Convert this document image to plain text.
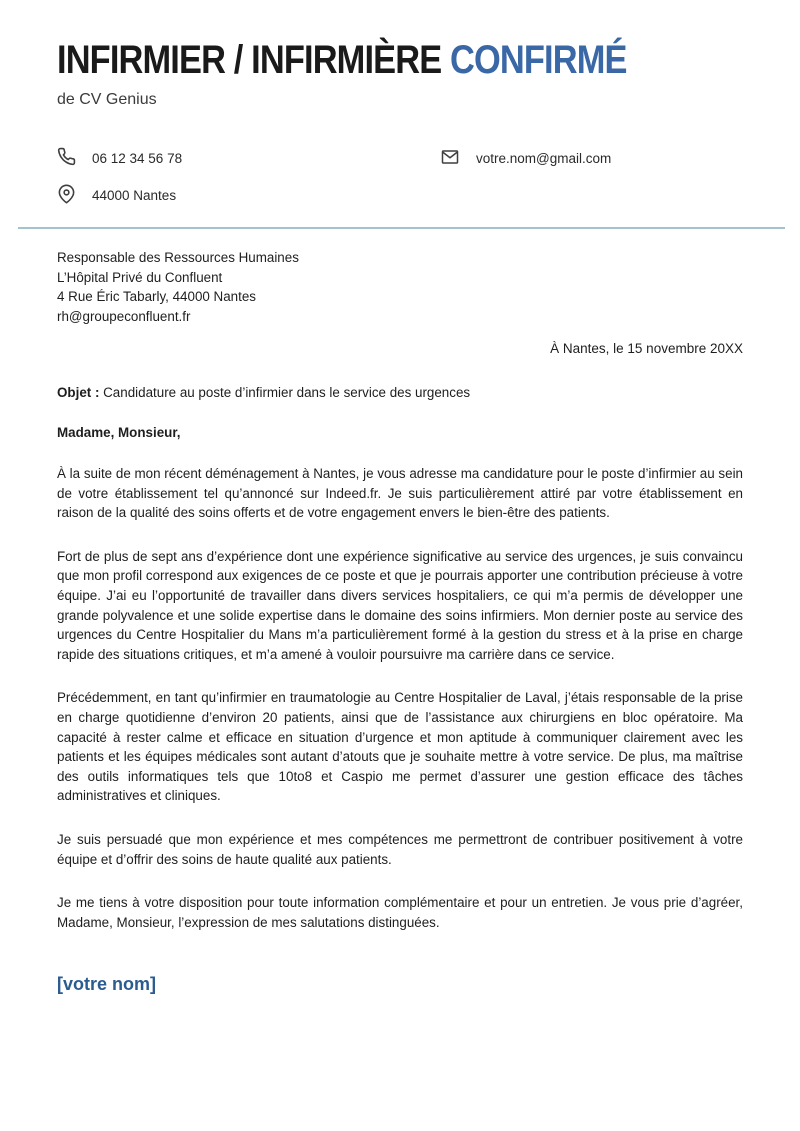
INFIRMIER / INFIRMIÈRE CONFIRMÉ
de CV Genius
06 12 34 56 78	votre.nom@gmail.com
44000 Nantes
Responsable des Ressources Humaines
L’Hôpital Privé du Confluent
4 Rue Éric Tabarly, 44000 Nantes
rh@groupeconfluent.fr
À Nantes, le 15 novembre 20XX
Objet : Candidature au poste d’infirmier dans le service des urgences
Madame, Monsieur,

À la suite de mon récent déménagement à Nantes, je vous adresse ma candidature pour le poste d’infirmier au sein de votre établissement tel qu’annoncé sur Indeed.fr. Je suis particulièrement attiré par votre établissement en raison de la qualité des soins offerts et de votre engagement envers le bien-être des patients.

Fort de plus de sept ans d’expérience dont une expérience significative au service des urgences, je suis convaincu que mon profil correspond aux exigences de ce poste et que je pourrais apporter une contribution précieuse à votre équipe. J’ai eu l’opportunité de travailler dans divers services hospitaliers, ce qui m’a permis de développer une grande polyvalence et une solide expertise dans le domaine des soins infirmiers. Mon dernier poste au service des urgences du Centre Hospitalier du Mans m’a particulièrement formé à la gestion du stress et à la prise en charge rapide des situations critiques, et m’a amené à vouloir poursuivre ma carrière dans ce service.

Précédemment, en tant qu’infirmier en traumatologie au Centre Hospitalier de Laval, j’étais responsable de la prise en charge quotidienne d’environ 20 patients, ainsi que de l’assistance aux chirurgiens en bloc opératoire. Ma capacité à rester calme et efficace en situation d’urgence et mon aptitude à communiquer clairement avec les patients et les équipes médicales sont autant d’atouts que je souhaite mettre à votre service. De plus, ma maîtrise des outils informatiques tels que 10to8 et Caspio me permet d’assurer une gestion efficace des tâches administratives et cliniques.

Je suis persuadé que mon expérience et mes compétences me permettront de contribuer positivement à votre équipe et d’offrir des soins de haute qualité aux patients.

Je me tiens à votre disposition pour toute information complémentaire et pour un entretien. Je vous prie d’agréer, Madame, Monsieur, l’expression de mes salutations distinguées.

[votre nom]
